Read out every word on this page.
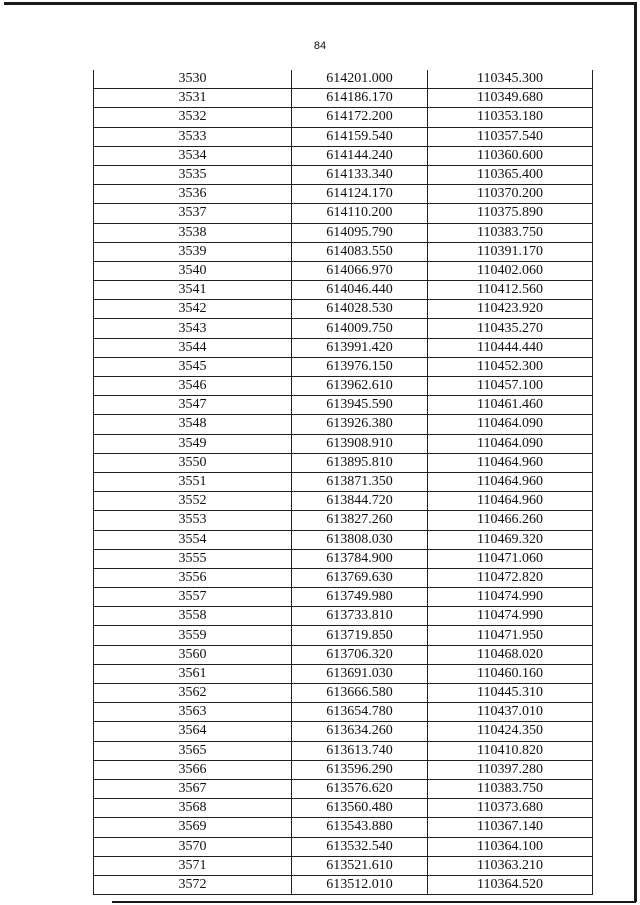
84
3530	614201.000	110345.300
3531	614186.170	110349.680
3532	614172.200	110353.180
3533	614159.540	110357.540
3534	614144.240	110360.600
3535	614133.340	110365.400
3536	614124.170	110370.200
3537	614110.200	110375.890
3538	614095.790	110383.750
3539	614083.550	110391.170
3540	614066.970	110402.060
3541	614046.440	110412.560
3542	614028.530	110423.920
3543	614009.750	110435.270
3544	613991.420	110444.440
3545	613976.150	110452.300
3546	613962.610	110457.100
3547	613945.590	110461.460
3548	613926.380	110464.090
3549	613908.910	110464.090
3550	613895.810	110464.960
3551	613871.350	110464.960
3552	613844.720	110464.960
3553	613827.260	110466.260
3554	613808.030	110469.320
3555	613784.900	110471.060
3556	613769.630	110472.820
3557	613749.980	110474.990
3558	613733.810	110474.990
3559	613719.850	110471.950
3560	613706.320	110468.020
3561	613691.030	110460.160
3562	613666.580	110445.310
3563	613654.780	110437.010
3564	613634.260	110424.350
3565	613613.740	110410.820
3566	613596.290	110397.280
3567	613576.620	110383.750
3568	613560.480	110373.680
3569	613543.880	110367.140
3570	613532.540	110364.100
3571	613521.610	110363.210
3572	613512.010	110364.520
